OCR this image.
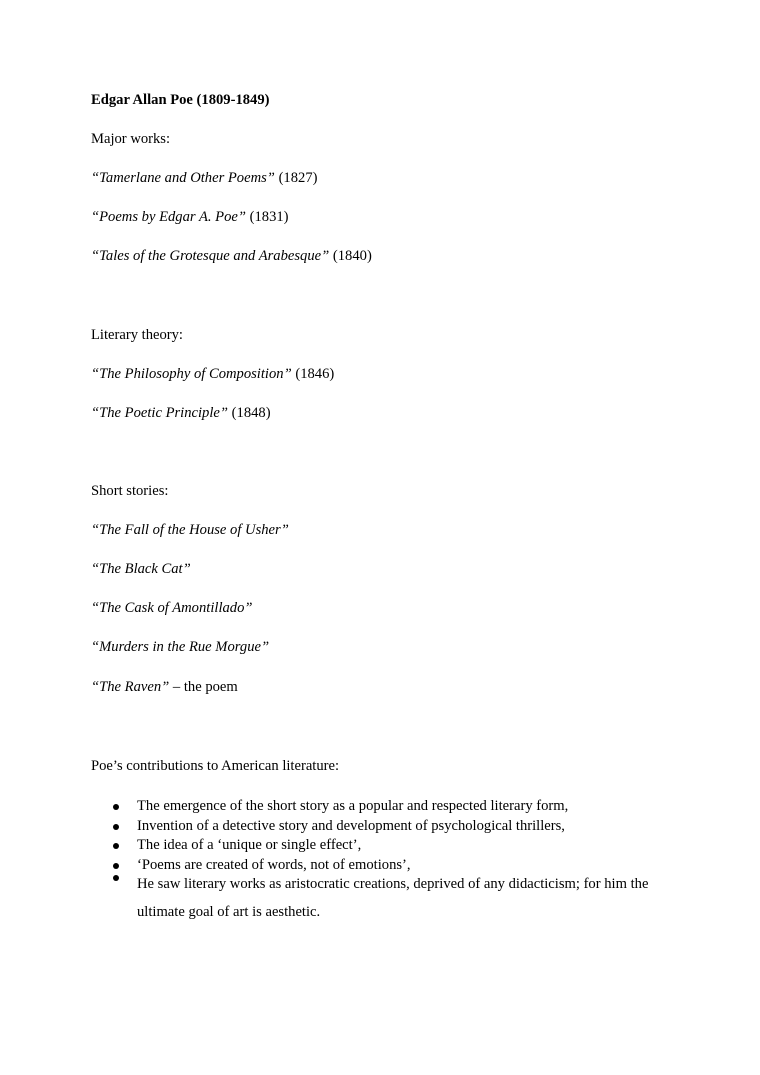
Edgar Allan Poe (1809-1849)
Major works:
“Tamerlane and Other Poems” (1827)
“Poems by Edgar A. Poe” (1831)
“Tales of the Grotesque and Arabesque” (1840)
Literary theory:
“The Philosophy of Composition” (1846)
“The Poetic Principle” (1848)
Short stories:
“The Fall of the House of Usher”
“The Black Cat”
“The Cask of Amontillado”
“Murders in the Rue Morgue”
“The Raven” – the poem
Poe’s contributions to American literature:
The emergence of the short story as a popular and respected literary form,
Invention of a detective story and development of psychological thrillers,
The idea of a ‘unique or single effect’,
‘Poems are created of words, not of emotions’,
He saw literary works as aristocratic creations, deprived of any didacticism; for him the ultimate goal of art is aesthetic.
